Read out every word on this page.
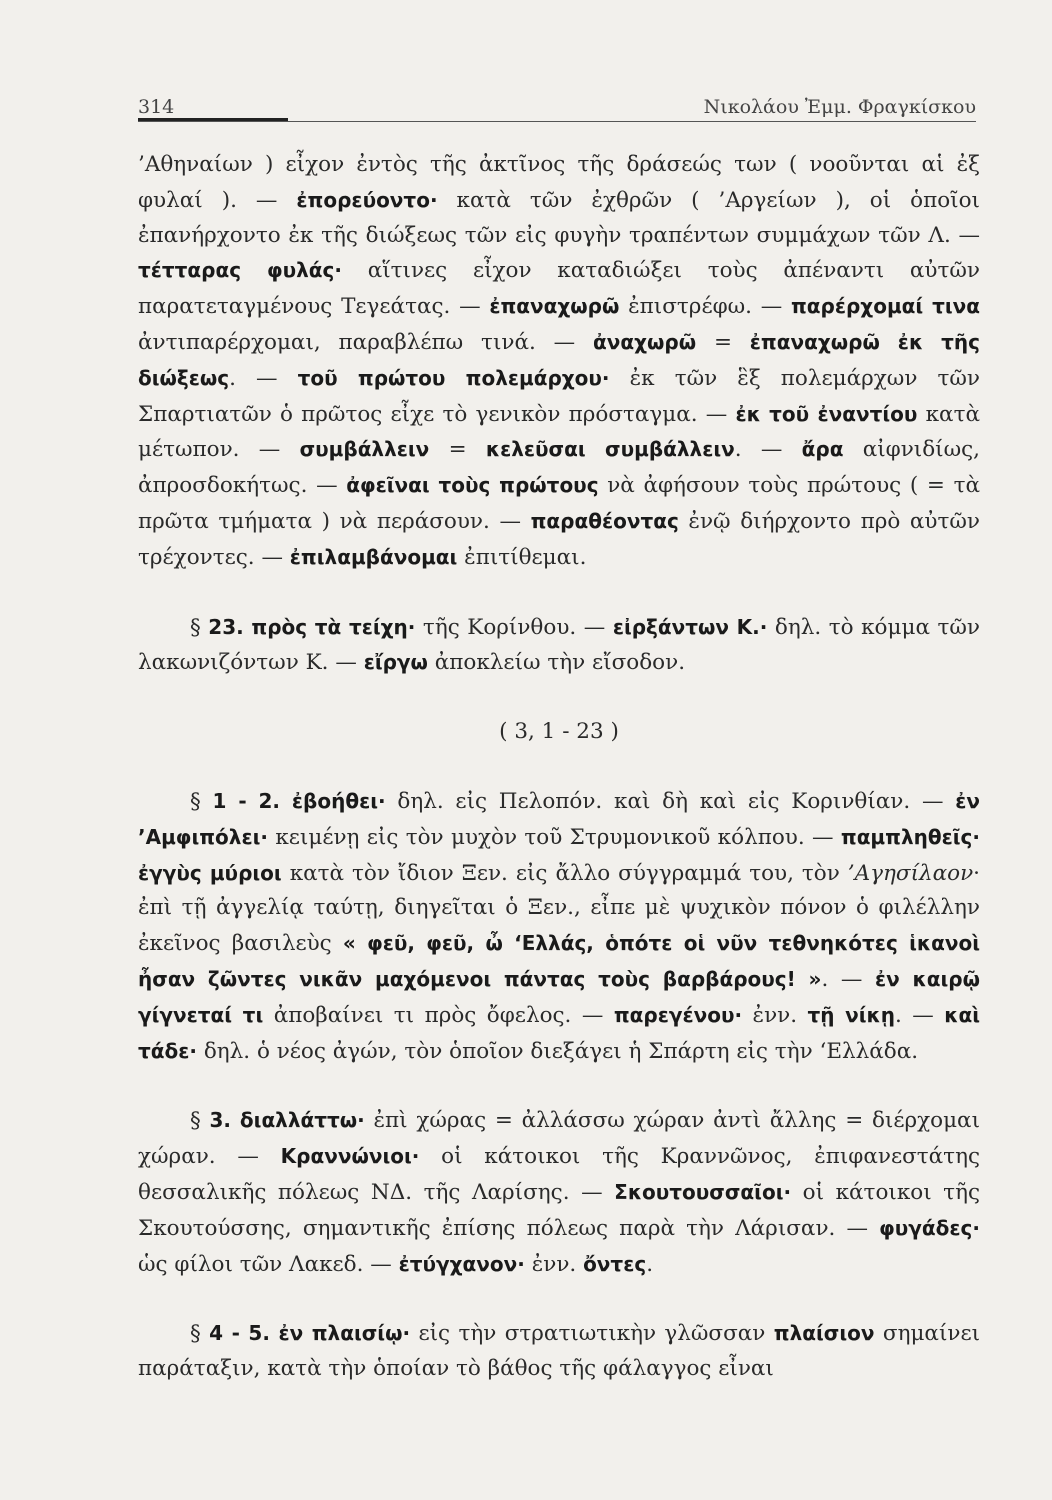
314	Νικολάου Ἐμμ. Φραγκίσκου

’Αθηναίων ) εἶχον ἐντὸς τῆς ἀκτῖνος τῆς δράσεώς των ( νοοῦνται αἱ ἐξ φυλαί ). — ἐπορεύοντο· κατὰ τῶν ἐχθρῶν ( ’Αργείων ), οἱ ὁποῖοι ἐπανήρχοντο ἐκ τῆς διώξεως τῶν εἰς φυγὴν τραπέντων συμμάχων τῶν Λ. — τέτταρας φυλάς· αἵτινες εἶχον καταδιώξει τοὺς ἀπέναντι αὐτῶν παρατεταγμένους Τεγεάτας. — ἐπαναχωρῶ ἐπιστρέφω. — παρέρχομαί τινα ἀντιπαρέρχομαι, παραβλέπω τινά. — ἀναχωρῶ = ἐπαναχωρῶ ἐκ τῆς διώξεως. — τοῦ πρώτου πολεμάρχου· ἐκ τῶν ἓξ πολεμάρχων τῶν Σπαρτιατῶν ὁ πρῶτος εἶχε τὸ γενικὸν πρόσταγμα. — ἐκ τοῦ ἐναντίου κατὰ μέτωπον. — συμβάλλειν = κελεῦσαι συμβάλλειν. — ἄρα αἰφνιδίως, ἀπροσδοκήτως. — ἀφεῖναι τοὺς πρώτους νὰ ἀφήσουν τοὺς πρώτους ( = τὰ πρῶτα τμήματα ) νὰ περάσουν. — παραθέοντας ἐνῷ διήρχοντο πρὸ αὐτῶν τρέχοντες. — ἐπιλαμβάνομαι ἐπιτίθεμαι.

§ 23. πρὸς τὰ τείχη· τῆς Κορίνθου. — εἰρξάντων Κ.· δηλ. τὸ κόμμα τῶν λακωνιζόντων Κ. — εἴργω ἀποκλείω τὴν εἴσοδον.

( 3, 1 - 23 )

§ 1 - 2. ἐβοήθει· δηλ. εἰς Πελοπόν. καὶ δὴ καὶ εἰς Κορινθίαν. — ἐν ’Αμφιπόλει· κειμένῃ εἰς τὸν μυχὸν τοῦ Στρυμονικοῦ κόλπου. — παμπληθεῖς· ἐγγὺς μύριοι κατὰ τὸν ἴδιον Ξεν. εἰς ἄλλο σύγγραμμά του, τὸν ’Αγησίλαον· ἐπὶ τῇ ἀγγελίᾳ ταύτῃ, διηγεῖται ὁ Ξεν., εἶπε μὲ ψυχικὸν πόνον ὁ φιλέλλην ἐκεῖνος βασιλεὺς « φεῦ, φεῦ, ὦ ‘Ελλάς, ὁπότε οἱ νῦν τεθνηκότες ἱκανοὶ ἦσαν ζῶντες νικᾶν μαχόμενοι πάντας τοὺς βαρβάρους! ». — ἐν καιρῷ γίγνεταί τι ἀποβαίνει τι πρὸς ὄφελος. — παρεγένου· ἐνν. τῇ νίκῃ. — καὶ τάδε· δηλ. ὁ νέος ἀγών, τὸν ὁποῖον διεξάγει ἡ Σπάρτη εἰς τὴν ‘Ελλάδα.

§ 3. διαλλάττω· ἐπὶ χώρας = ἀλλάσσω χώραν ἀντὶ ἄλλης = διέρχομαι χώραν. — Κραννώνιοι· οἱ κάτοικοι τῆς Κραννῶνος, ἐπιφανεστάτης θεσσαλικῆς πόλεως ΝΔ. τῆς Λαρίσης. — Σκουτουσσαῖοι· οἱ κάτοικοι τῆς Σκουτούσσης, σημαντικῆς ἐπίσης πόλεως παρὰ τὴν Λάρισαν. — φυγάδες· ὡς φίλοι τῶν Λακεδ. — ἐτύγχανον· ἐνν. ὄντες.

§ 4 - 5. ἐν πλαισίῳ· εἰς τὴν στρατιωτικὴν γλῶσσαν πλαίσιον σημαίνει παράταξιν, κατὰ τὴν ὁποίαν τὸ βάθος τῆς φάλαγγος εἶναι
